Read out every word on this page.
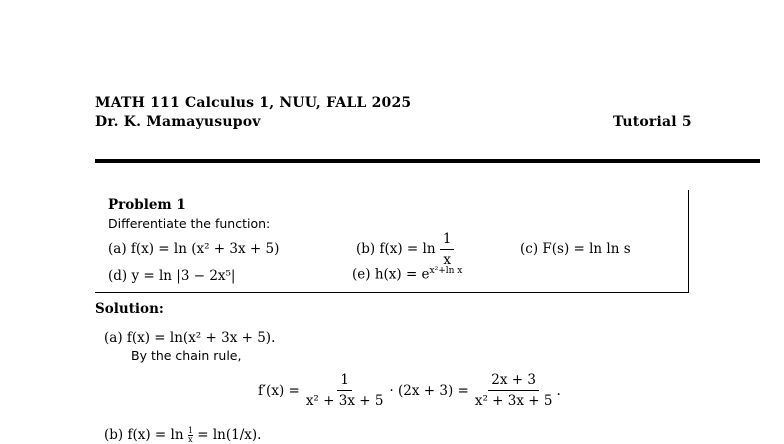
MATH 111 Calculus 1, NUU, FALL 2025
Dr. K. Mamayusupov	Tutorial 5
Problem 1
Differentiate the function:
(a) f(x) = ln (x² + 3x + 5)	(b) $f(x) = \ln \frac{1}{x}$	(c) F(s) = ln ln s
(d) y = ln |3 − 2x⁵|	(e) $h(x) = e^{x^2+ln x}$
Solution:
(a) f(x) = ln(x² + 3x + 5).
By the chain rule,
$f'(x) = \frac{1}{\text{x² + 3x + 5}} \cdot (2x + 3) = \frac{2x + 3}{\text{x² + 3x + 5}}$ .
(b) $f(x) = \ln \frac{1}{x} = \ln(1/x)$.
